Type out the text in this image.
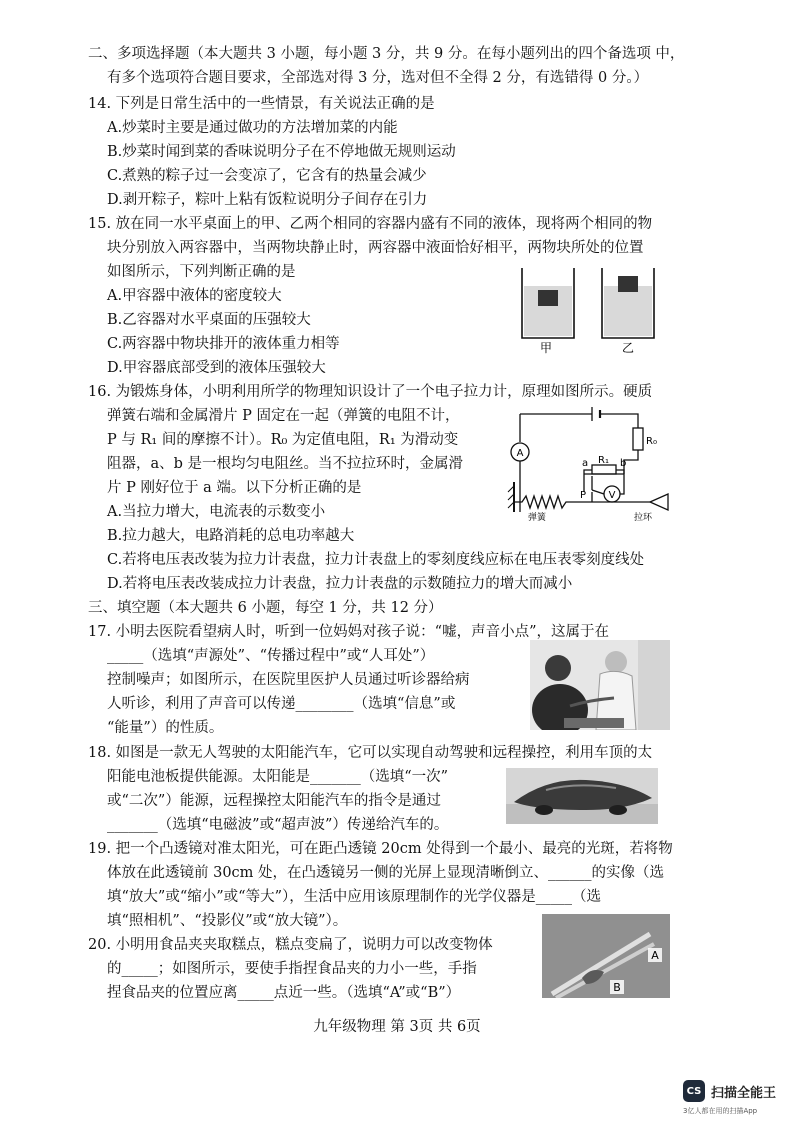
二、多项选择题（本大题共 3 小题，每小题 3 分，共 9 分。在每小题列出的四个备选项 中，
有多个选项符合题目要求，全部选对得 3 分，选对但不全得 2 分，有选错得 0 分。）
14. 下列是日常生活中的一些情景，有关说法正确的是
A.炒菜时主要是通过做功的方法增加菜的内能
B.炒菜时闻到菜的香味说明分子在不停地做无规则运动
C.煮熟的粽子过一会变凉了，它含有的热量会减少
D.剥开粽子，粽叶上粘有饭粒说明分子间存在引力
15. 放在同一水平桌面上的甲、乙两个相同的容器内盛有不同的液体，现将两个相同的物
块分别放入两容器中，当两物块静止时，两容器中液面恰好相平，两物块所处的位置
如图所示，下列判断正确的是
A.甲容器中液体的密度较大
B.乙容器对水平桌面的压强较大
C.两容器中物块排开的液体重力相等
D.甲容器底部受到的液体压强较大
甲	乙
16. 为锻炼身体，小明利用所学的物理知识设计了一个电子拉力计，原理如图所示。硬质
弹簧右端和金属滑片 P 固定在一起（弹簧的电阻不计，
P 与 R₁ 间的摩擦不计）。R₀ 为定值电阻，R₁ 为滑动变
阻器，a、b 是一根均匀电阻丝。当不拉拉环时，金属滑
片 P 刚好位于 a 端。以下分析正确的是
A.当拉力增大，电流表的示数变小
B.拉力越大，电路消耗的总电功率越大
C.若将电压表改装为拉力计表盘，拉力计表盘上的零刻度线应标在电压表零刻度线处
D.若将电压表改装成拉力计表盘，拉力计表盘的示数随拉力的增大而减小
A
V
R₀
R₁
a	b
P
弹簧	拉环
三、填空题（本大题共 6 小题，每空 1 分，共 12 分）
17. 小明去医院看望病人时，听到一位妈妈对孩子说：“嘘，声音小点”，这属于在
_____（选填“声源处”、“传播过程中”或“人耳处”）
控制噪声；如图所示，在医院里医护人员通过听诊器给病
人听诊，利用了声音可以传递________（选填“信息”或
“能量”）的性质。
18. 如图是一款无人驾驶的太阳能汽车，它可以实现自动驾驶和远程操控，利用车顶的太
阳能电池板提供能源。太阳能是_______（选填“一次”
或“二次”）能源，远程操控太阳能汽车的指令是通过
_______（选填“电磁波”或“超声波”）传递给汽车的。
19. 把一个凸透镜对准太阳光，可在距凸透镜 20cm 处得到一个最小、最亮的光斑，若将物
体放在此透镜前 30cm 处，在凸透镜另一侧的光屏上显现清晰倒立、______的实像（选
填“放大”或“缩小”或“等大”），生活中应用该原理制作的光学仪器是_____（选
填“照相机”、“投影仪”或“放大镜”）。
20. 小明用食品夹夹取糕点，糕点变扁了，说明力可以改变物体
的_____；如图所示，要使手指捏食品夹的力小一些，手指
捏食品夹的位置应离_____点近一些。（选填“A”或“B”）
A
B
九年级物理 第 3页 共 6页
CS 扫描全能王
3亿人都在用的扫描App
